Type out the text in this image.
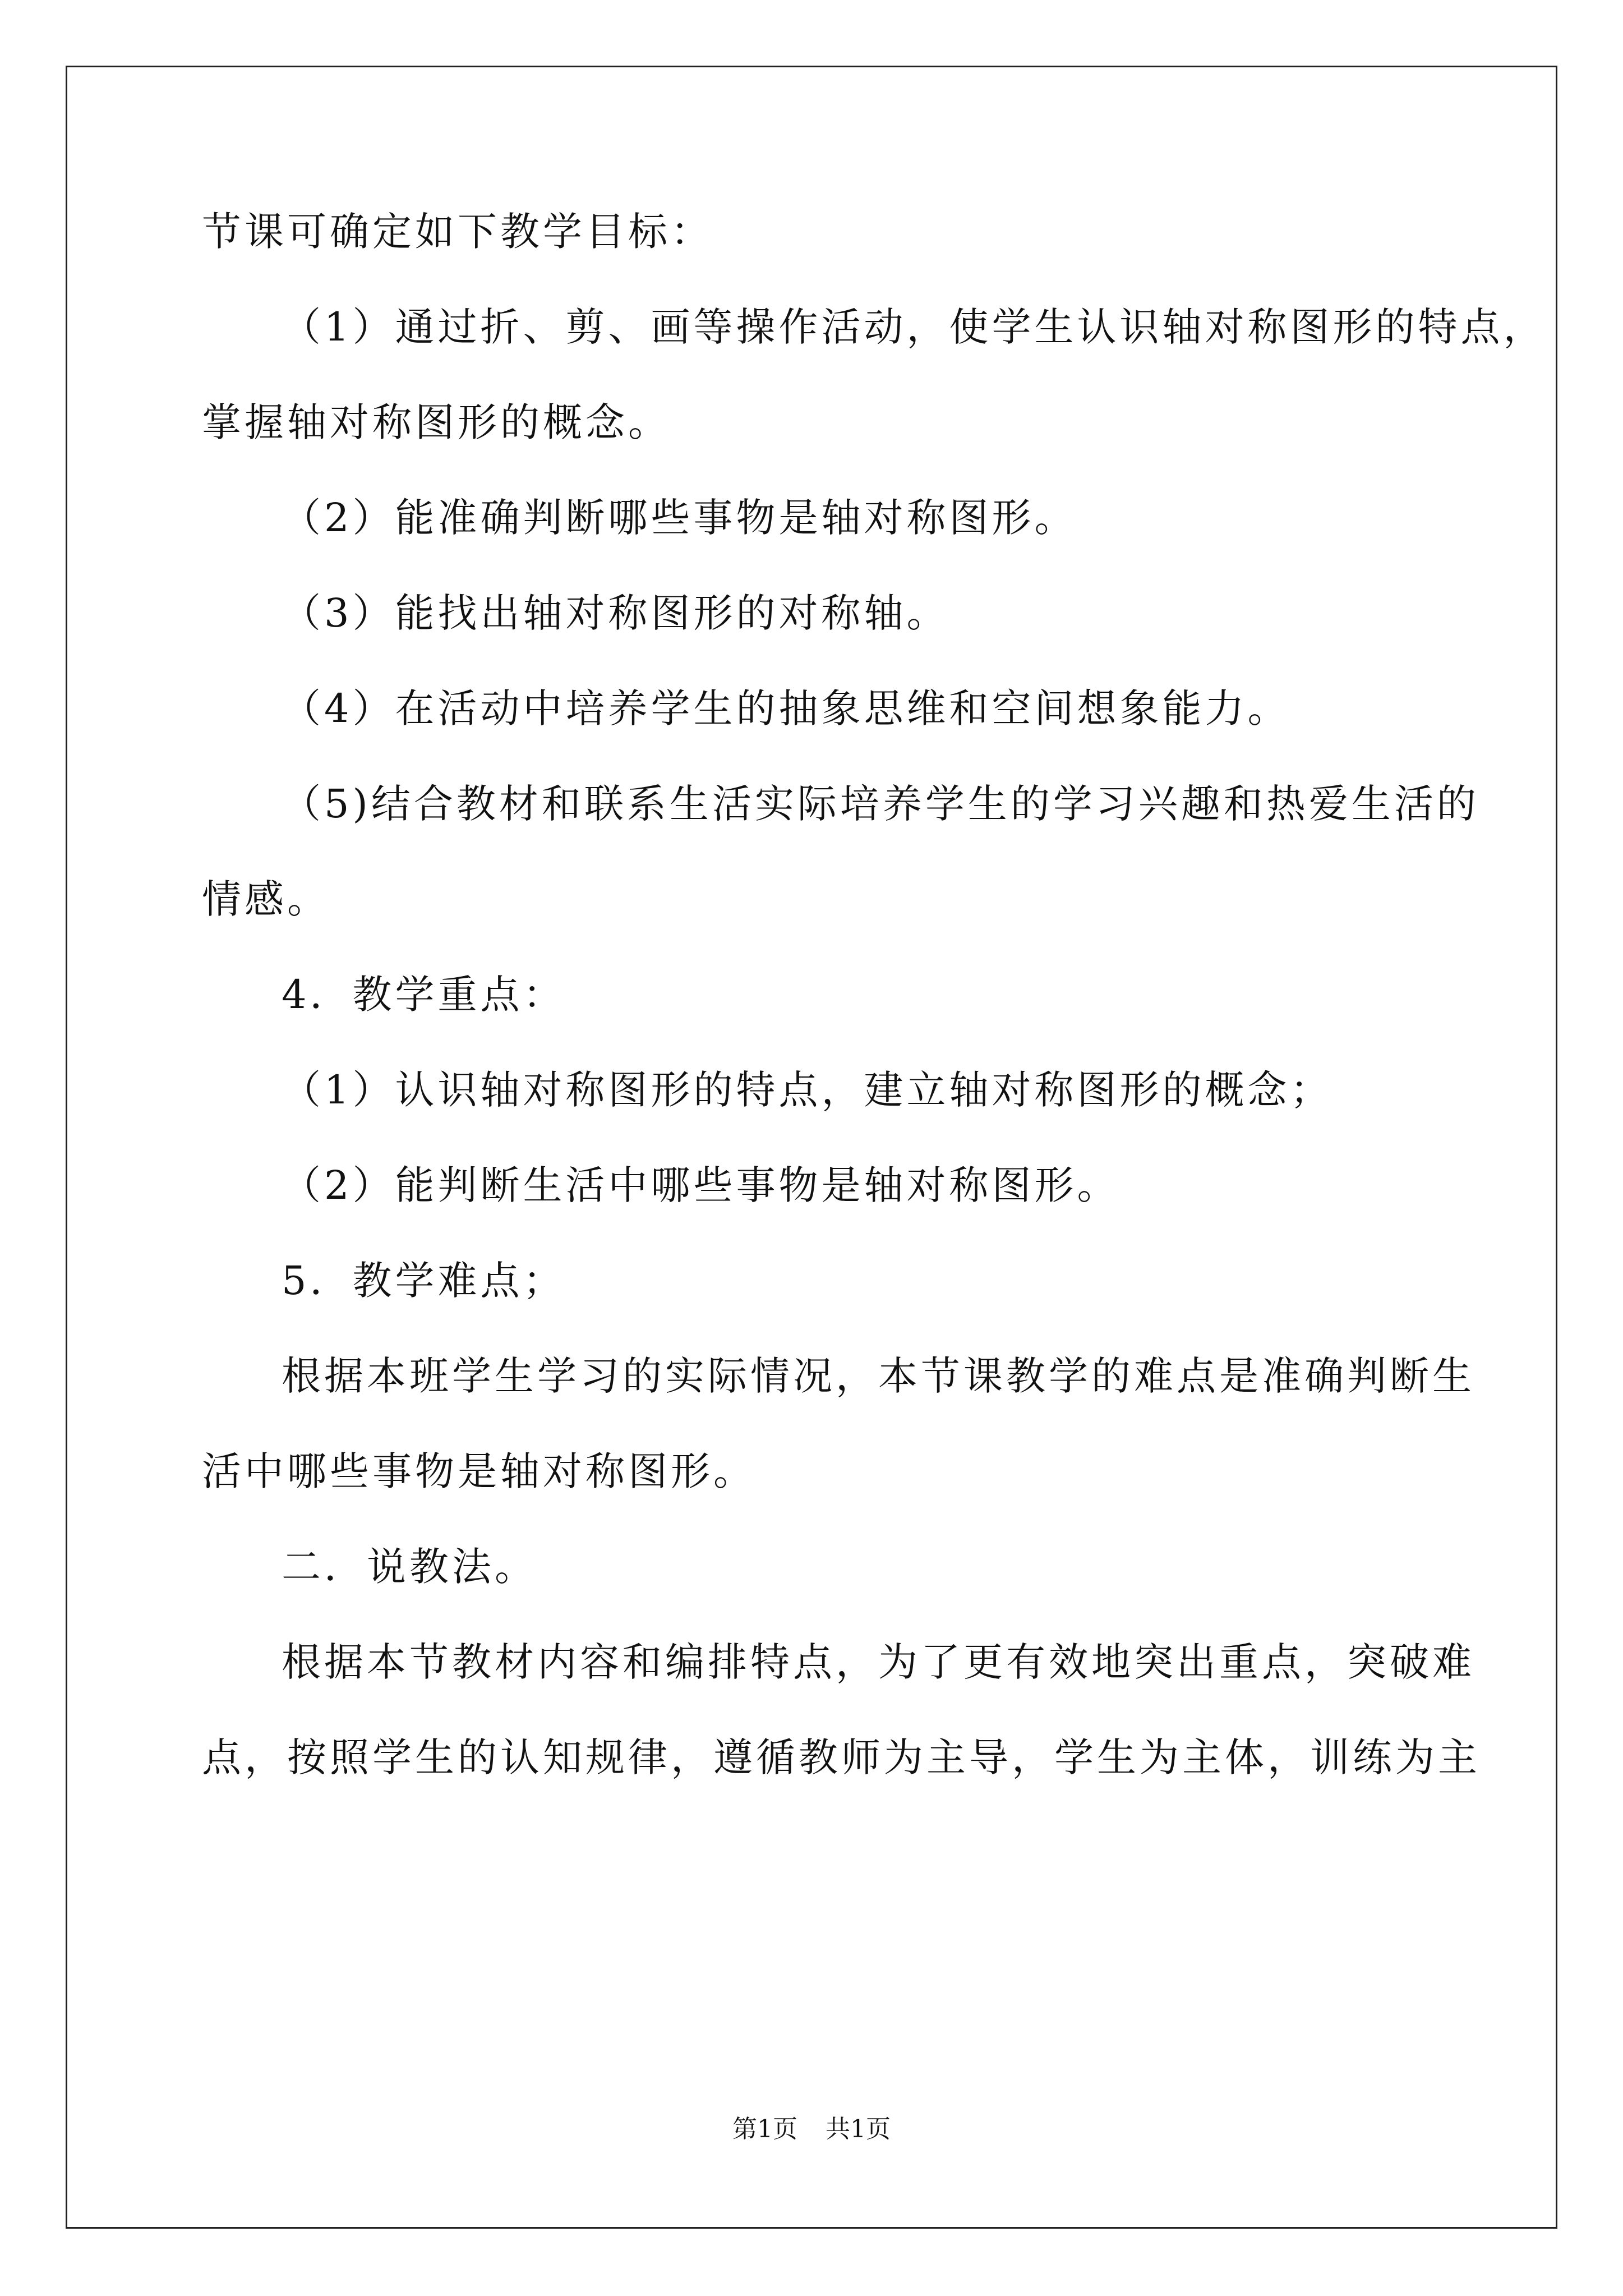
节课可确定如下教学目标：
（1）通过折、剪、画等操作活动，使学生认识轴对称图形的特点，
掌握轴对称图形的概念。
（2）能准确判断哪些事物是轴对称图形。
（3）能找出轴对称图形的对称轴。
（4）在活动中培养学生的抽象思维和空间想象能力。
（5)结合教材和联系生活实际培养学生的学习兴趣和热爱生活的
情感。
4．教学重点：
（1）认识轴对称图形的特点，建立轴对称图形的概念；
（2）能判断生活中哪些事物是轴对称图形。
5．教学难点；
根据本班学生学习的实际情况，本节课教学的难点是准确判断生
活中哪些事物是轴对称图形。
二．说教法。
根据本节教材内容和编排特点，为了更有效地突出重点，突破难
点，按照学生的认知规律，遵循教师为主导，学生为主体，训练为主
第1页 共1页
